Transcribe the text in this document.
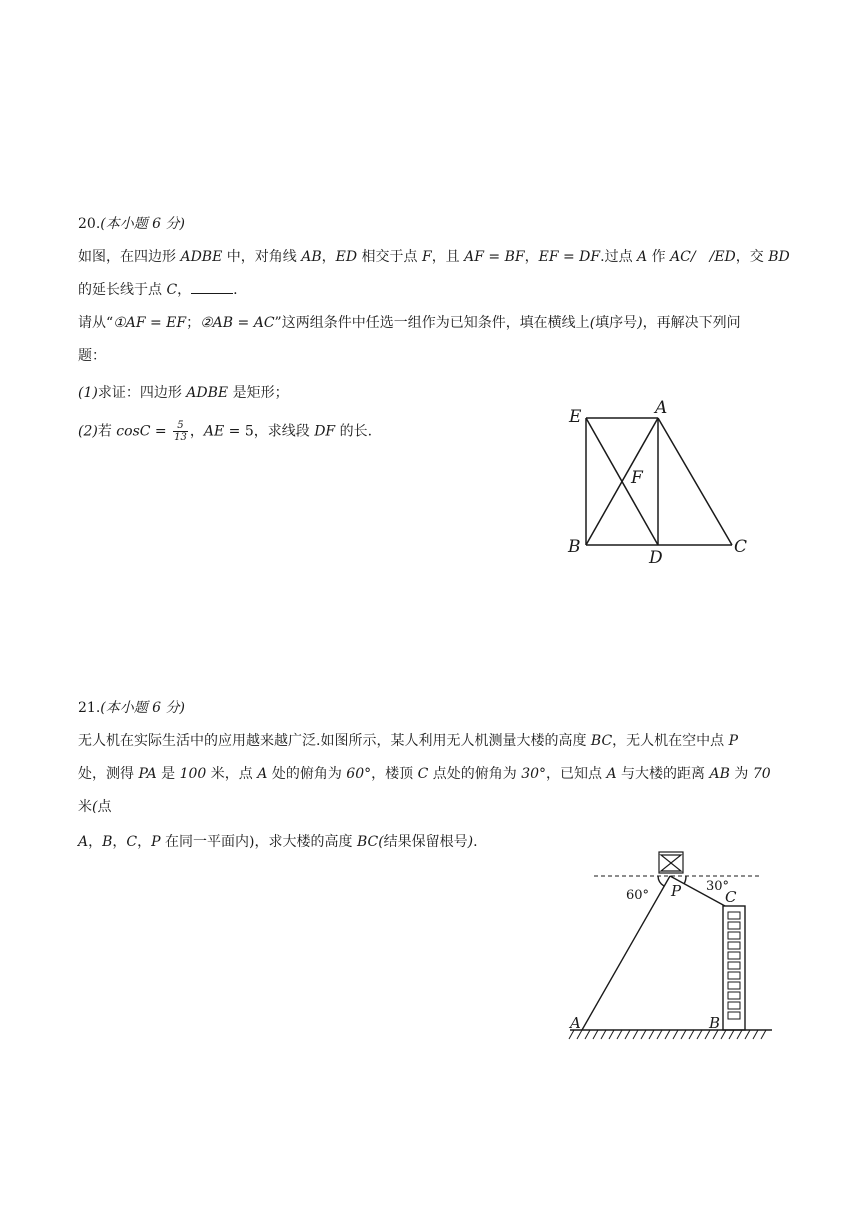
20.(本小题 6 分)
如图，在四边形 ADBE 中，对角线 AB，ED 相交于点 F，且 AF = BF，EF = DF.过点 A 作 AC/　/ED，交 BD
的延长线于点 C，	.
请从“①AF = EF；②AB = AC”这两组条件中任选一组作为已知条件，填在横线上(填序号)，再解决下列问
题：
(1)求证：四边形 ADBE 是矩形；
(2)若 $\cos C = \frac{5}{13}$ ，AE = 5，求线段 DF 的长.
E	A
F
B
D
C
21.(本小题 6 分)
无人机在实际生活中的应用越来越广泛.如图所示，某人利用无人机测量大楼的高度 BC，无人机在空中点 P
处，测得 PA 是 100 米，点 A 处的俯角为 60°，楼顶 C 点处的俯角为 30°，已知点 A 与大楼的距离 AB 为 70
米(点
A，B，C，P 在同一平面内)，求大楼的高度 BC(结果保留根号).
60° P 30°
C
A	B
